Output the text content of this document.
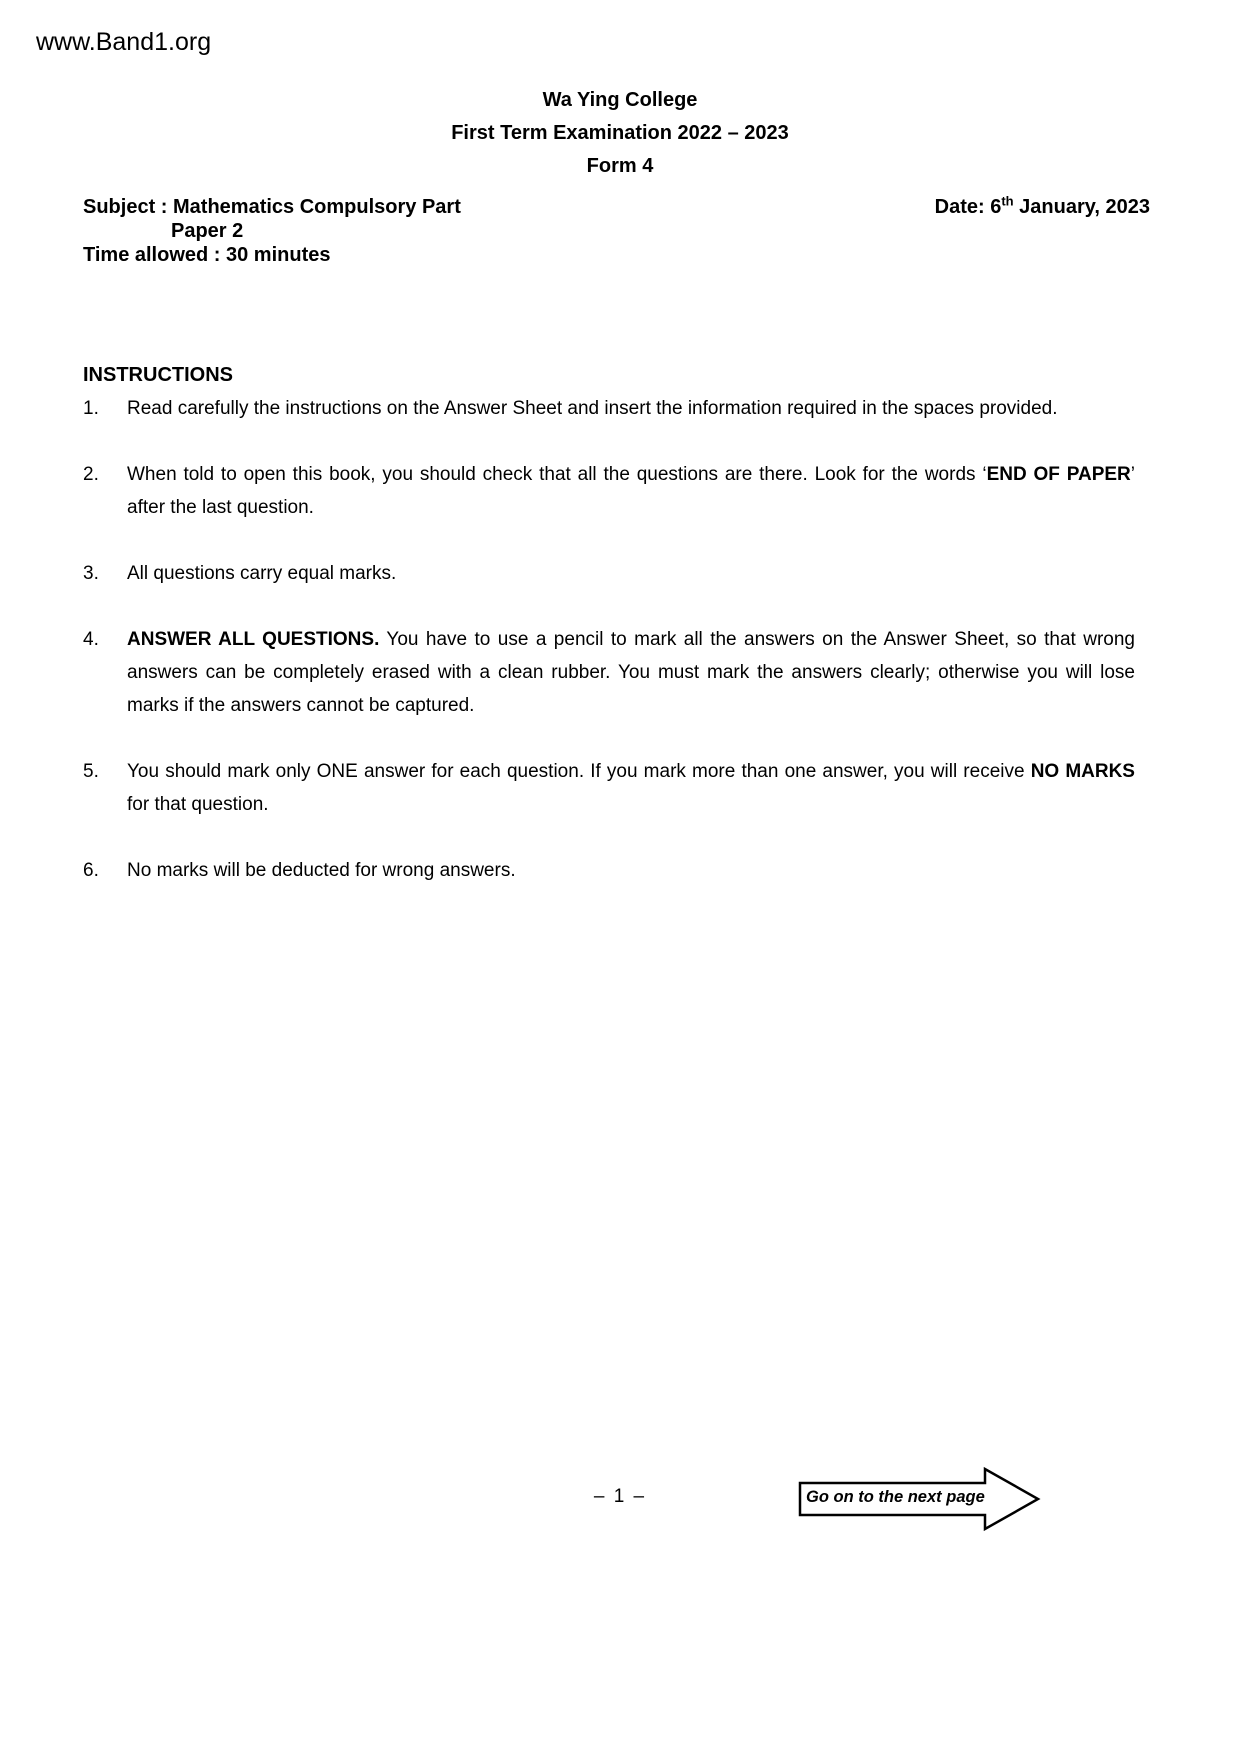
www.Band1.org
Wa Ying College
First Term Examination 2022 – 2023
Form 4
Subject : Mathematics Compulsory Part
Paper 2
Time allowed : 30 minutes
Date: 6th January, 2023
INSTRUCTIONS
1.	Read carefully the instructions on the Answer Sheet and insert the information required in the spaces provided.
2.	When told to open this book, you should check that all the questions are there. Look for the words ‘END OF PAPER’ after the last question.
3.	All questions carry equal marks.
4.	ANSWER ALL QUESTIONS. You have to use a pencil to mark all the answers on the Answer Sheet, so that wrong answers can be completely erased with a clean rubber. You must mark the answers clearly; otherwise you will lose marks if the answers cannot be captured.
5.	You should mark only ONE answer for each question. If you mark more than one answer, you will receive NO MARKS for that question.
6.	No marks will be deducted for wrong answers.
– 1 –	Go on to the next page
